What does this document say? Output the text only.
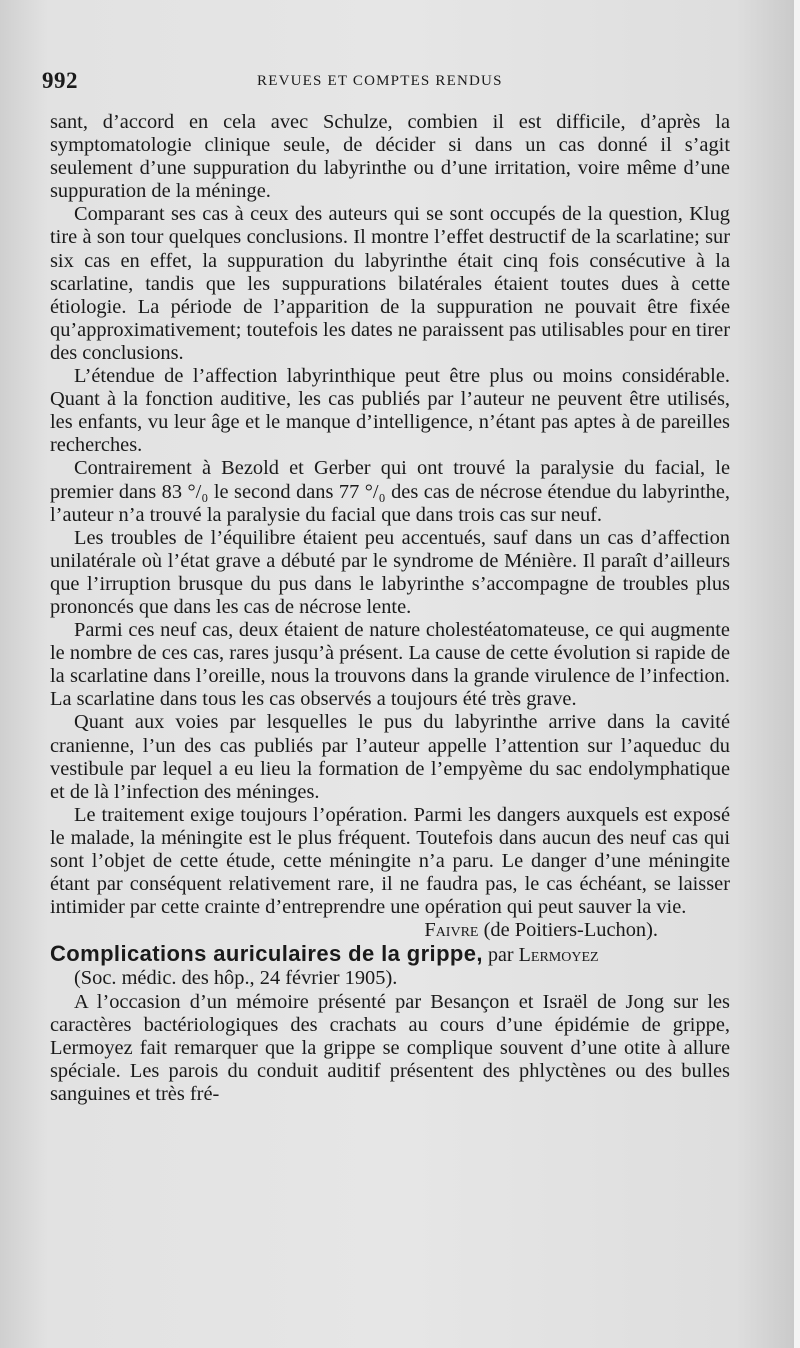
992	REVUES ET COMPTES RENDUS

sant, d’accord en cela avec Schulze, combien il est difficile, d’après la symptomatologie clinique seule, de décider si dans un cas donné il s’agit seulement d’une suppuration du labyrinthe ou d’une irritation, voire même d’une suppuration de la méninge.

Comparant ses cas à ceux des auteurs qui se sont occupés de la question, Klug tire à son tour quelques conclusions. Il montre l’effet destructif de la scarlatine; sur six cas en effet, la suppuration du labyrinthe était cinq fois consécutive à la scarlatine, tandis que les suppurations bilatérales étaient toutes dues à cette étiologie. La période de l’apparition de la suppuration ne pouvait être fixée qu’approximativement; toutefois les dates ne paraissent pas utilisables pour en tirer des conclusions.

L’étendue de l’affection labyrinthique peut être plus ou moins considérable. Quant à la fonction auditive, les cas publiés par l’auteur ne peuvent être utilisés, les enfants, vu leur âge et le manque d’intelligence, n’étant pas aptes à de pareilles recherches.

Contrairement à Bezold et Gerber qui ont trouvé la paralysie du facial, le premier dans 83 °/₀ le second dans 77 °/₀ des cas de nécrose étendue du labyrinthe, l’auteur n’a trouvé la paralysie du facial que dans trois cas sur neuf.

Les troubles de l’équilibre étaient peu accentués, sauf dans un cas d’affection unilatérale où l’état grave a débuté par le syndrome de Ménière. Il paraît d’ailleurs que l’irruption brusque du pus dans le labyrinthe s’accompagne de troubles plus prononcés que dans les cas de nécrose lente.

Parmi ces neuf cas, deux étaient de nature cholestéatomateuse, ce qui augmente le nombre de ces cas, rares jusqu’à présent. La cause de cette évolution si rapide de la scarlatine dans l’oreille, nous la trouvons dans la grande virulence de l’infection. La scarlatine dans tous les cas observés a toujours été très grave.

Quant aux voies par lesquelles le pus du labyrinthe arrive dans la cavité cranienne, l’un des cas publiés par l’auteur appelle l’attention sur l’aqueduc du vestibule par lequel a eu lieu la formation de l’empyème du sac endolymphatique et de là l’infection des méninges.

Le traitement exige toujours l’opération. Parmi les dangers auxquels est exposé le malade, la méningite est le plus fréquent. Toutefois dans aucun des neuf cas qui sont l’objet de cette étude, cette méningite n’a paru. Le danger d’une méningite étant par conséquent relativement rare, il ne faudra pas, le cas échéant, se laisser intimider par cette crainte d’entreprendre une opération qui peut sauver la vie.

Faivre (de Poitiers-Luchon).

Complications auriculaires de la grippe, par Lermoyez

(Soc. médic. des hôp., 24 février 1905).

A l’occasion d’un mémoire présenté par Besançon et Israël de Jong sur les caractères bactériologiques des crachats au cours d’une épidémie de grippe, Lermoyez fait remarquer que la grippe se complique souvent d’une otite à allure spéciale. Les parois du conduit auditif présentent des phlyctènes ou des bulles sanguines et très fré-
